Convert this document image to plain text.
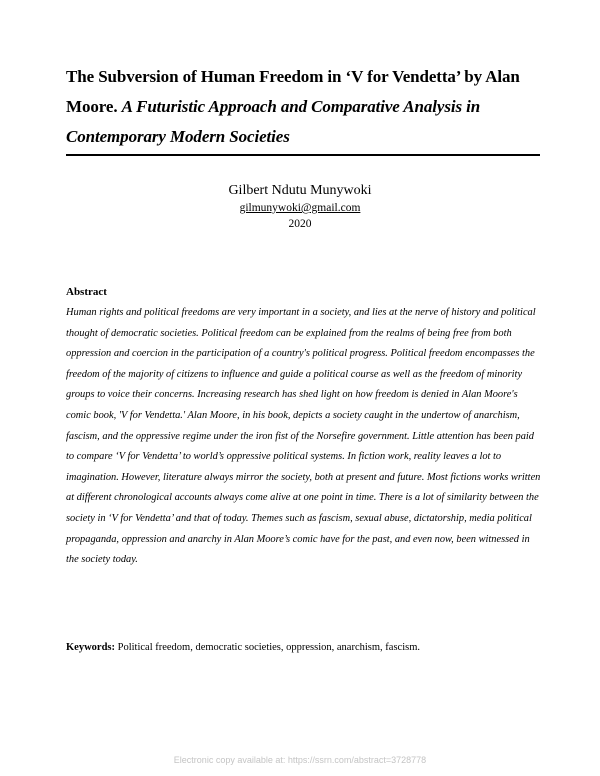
The Subversion of Human Freedom in ‘V for Vendetta’ by Alan Moore. A Futuristic Approach and Comparative Analysis in Contemporary Modern Societies
Gilbert Ndutu Munywoki
gilmunywoki@gmail.com
2020
Abstract

Human rights and political freedoms are very important in a society, and lies at the nerve of history and political thought of democratic societies. Political freedom can be explained from the realms of being free from both oppression and coercion in the participation of a country's political progress. Political freedom encompasses the freedom of the majority of citizens to influence and guide a political course as well as the freedom of minority groups to voice their concerns. Increasing research has shed light on how freedom is denied in Alan Moore's comic book, 'V for Vendetta.' Alan Moore, in his book, depicts a society caught in the undertow of anarchism, fascism, and the oppressive regime under the iron fist of the Norsefire government. Little attention has been paid to compare ‘V for Vendetta’ to world’s oppressive political systems. In fiction work, reality leaves a lot to imagination. However, literature always mirror the society, both at present and future. Most fictions works written at different chronological accounts always come alive at one point in time. There is a lot of similarity between the society in ‘V for Vendetta’ and that of today. Themes such as fascism, sexual abuse, dictatorship, media political propaganda, oppression and anarchy in Alan Moore’s comic have for the past, and even now, been witnessed in the society today.

Keywords: Political freedom, democratic societies, oppression, anarchism, fascism.

Electronic copy available at: https://ssrn.com/abstract=3728778
